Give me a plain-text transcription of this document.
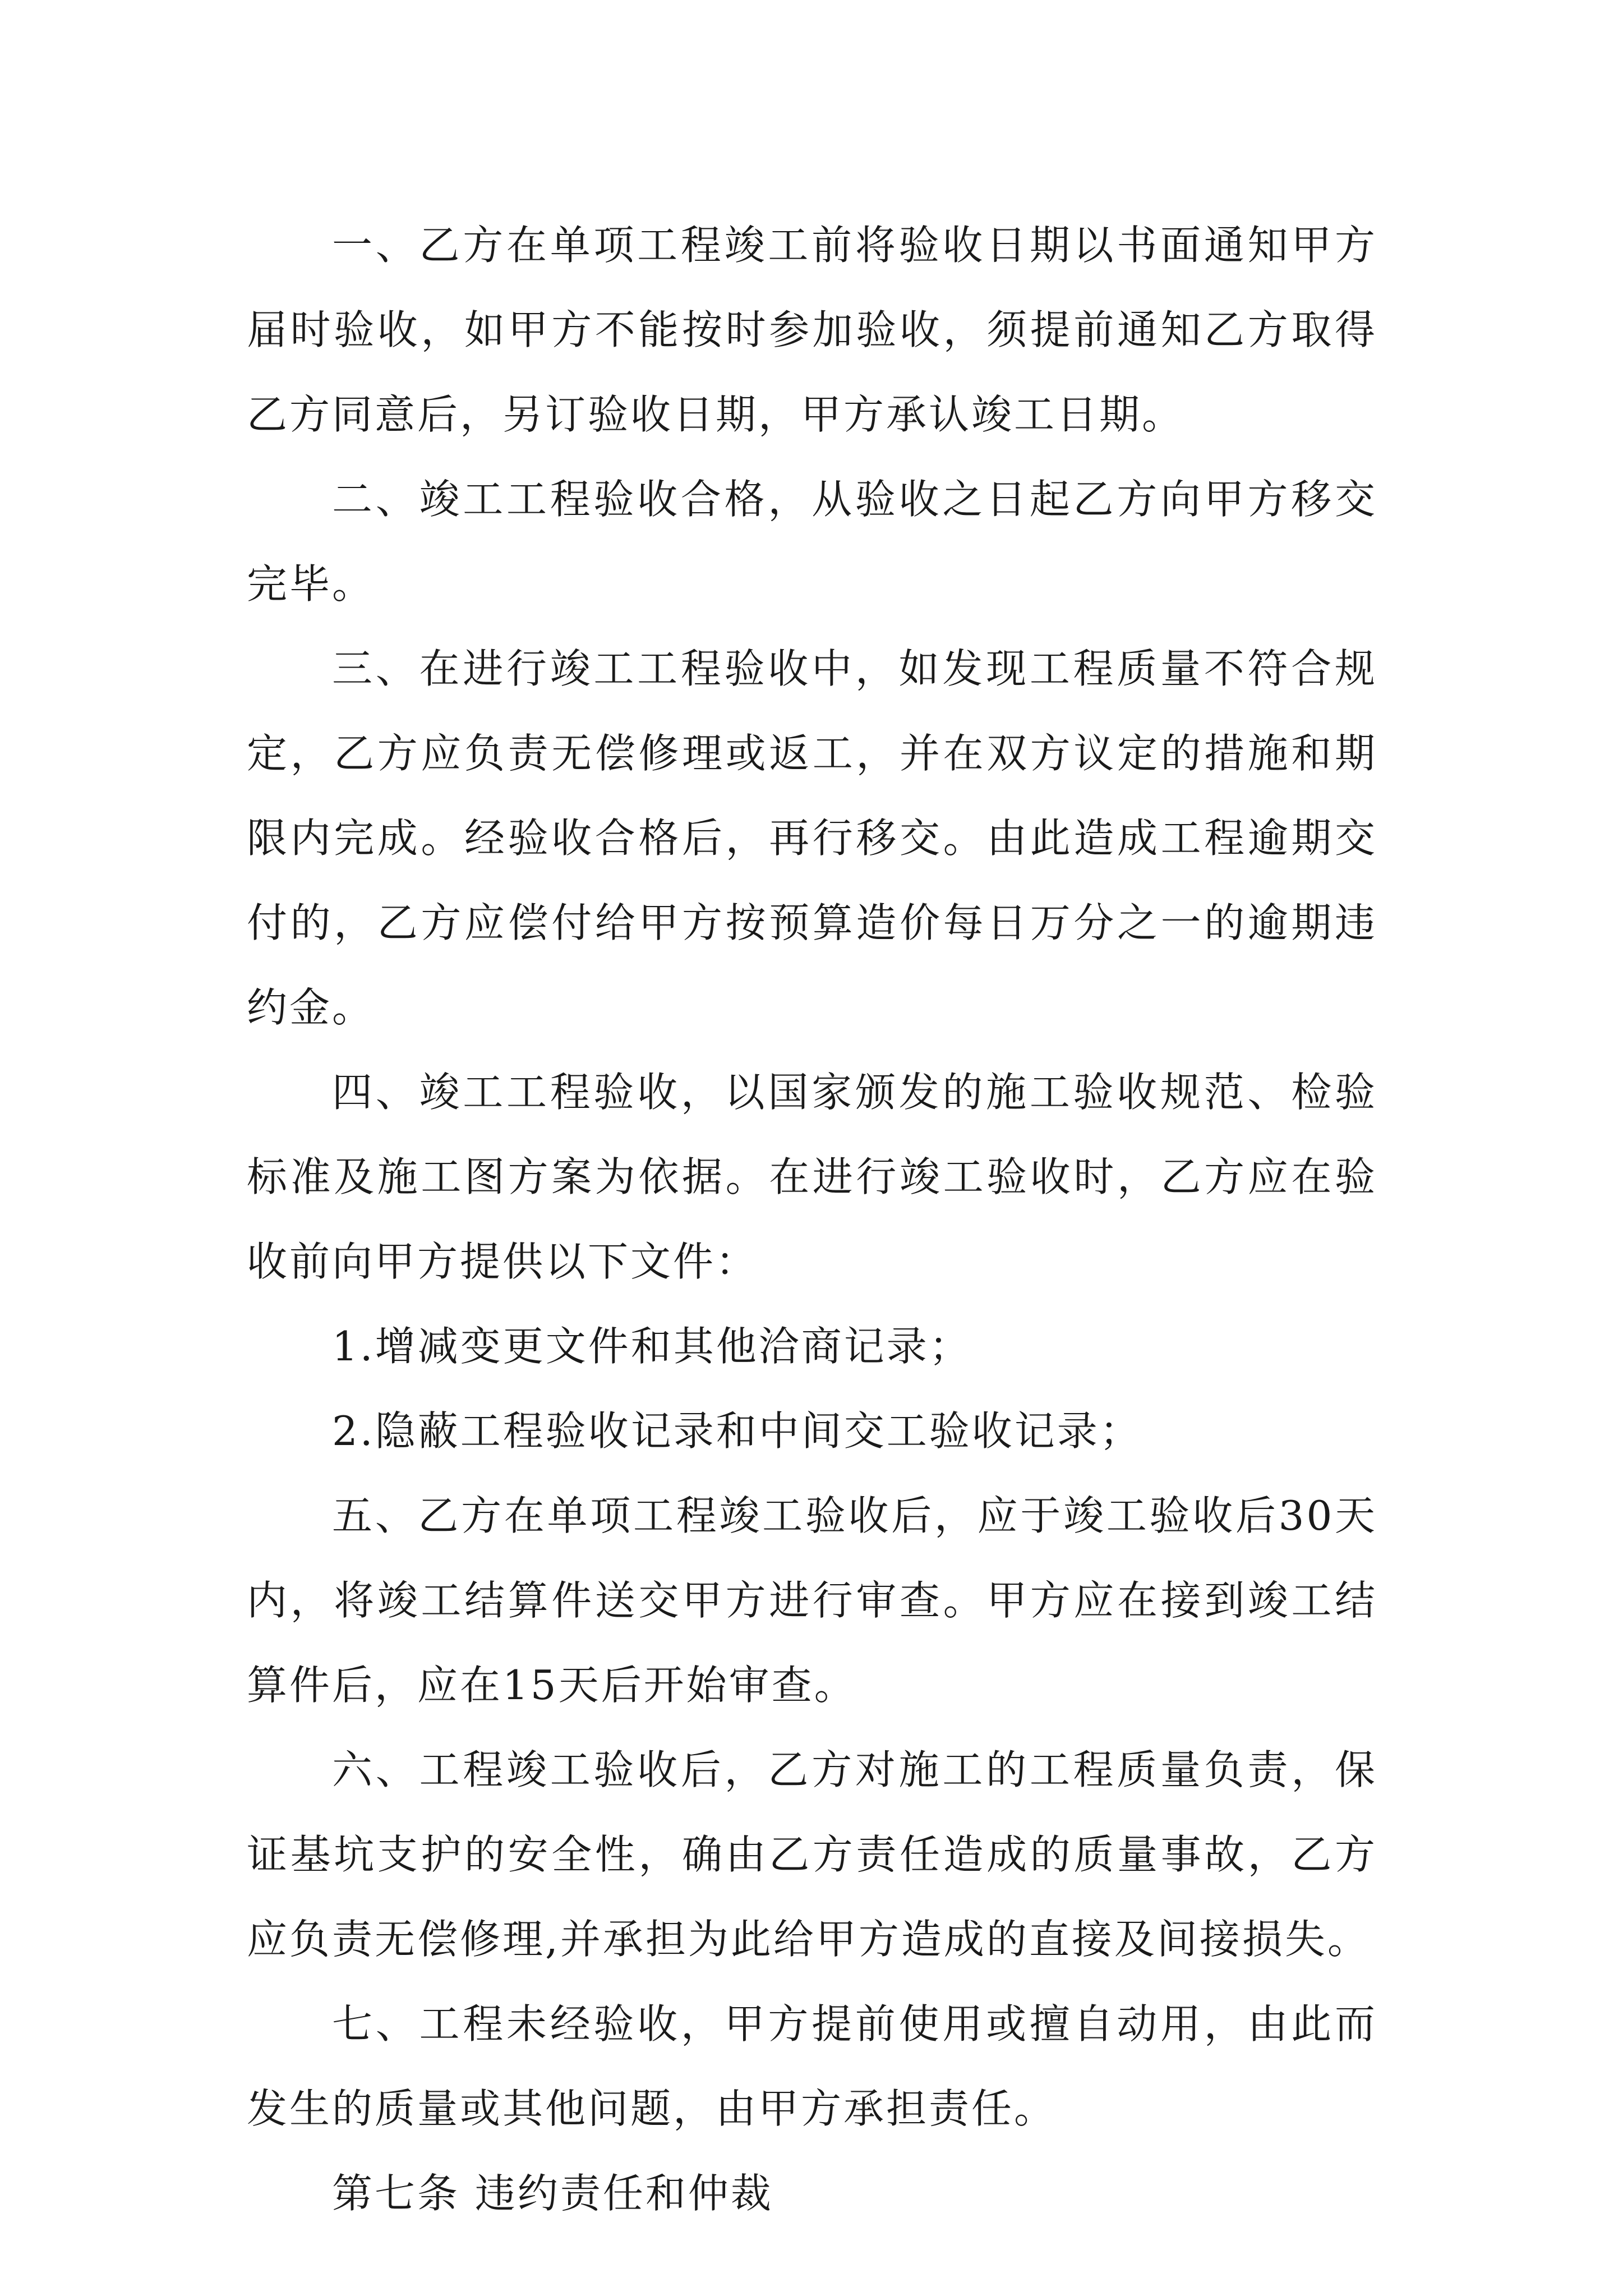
一、乙方在单项工程竣工前将验收日期以书面通知甲方届时验收，如甲方不能按时参加验收，须提前通知乙方取得乙方同意后，另订验收日期，甲方承认竣工日期。

二、竣工工程验收合格，从验收之日起乙方向甲方移交完毕。

三、在进行竣工工程验收中，如发现工程质量不符合规定，乙方应负责无偿修理或返工，并在双方议定的措施和期限内完成。经验收合格后，再行移交。由此造成工程逾期交付的，乙方应偿付给甲方按预算造价每日万分之一的逾期违约金。

四、竣工工程验收，以国家颁发的施工验收规范、检验标准及施工图方案为依据。在进行竣工验收时，乙方应在验收前向甲方提供以下文件：

1.增减变更文件和其他洽商记录；

2.隐蔽工程验收记录和中间交工验收记录；

五、乙方在单项工程竣工验收后，应于竣工验收后30天内，将竣工结算件送交甲方进行审查。甲方应在接到竣工结算件后，应在15天后开始审查。

六、工程竣工验收后，乙方对施工的工程质量负责，保证基坑支护的安全性，确由乙方责任造成的质量事故，乙方应负责无偿修理,并承担为此给甲方造成的直接及间接损失。

七、工程未经验收，甲方提前使用或擅自动用，由此而发生的质量或其他问题，由甲方承担责任。

第七条 违约责任和仲裁
